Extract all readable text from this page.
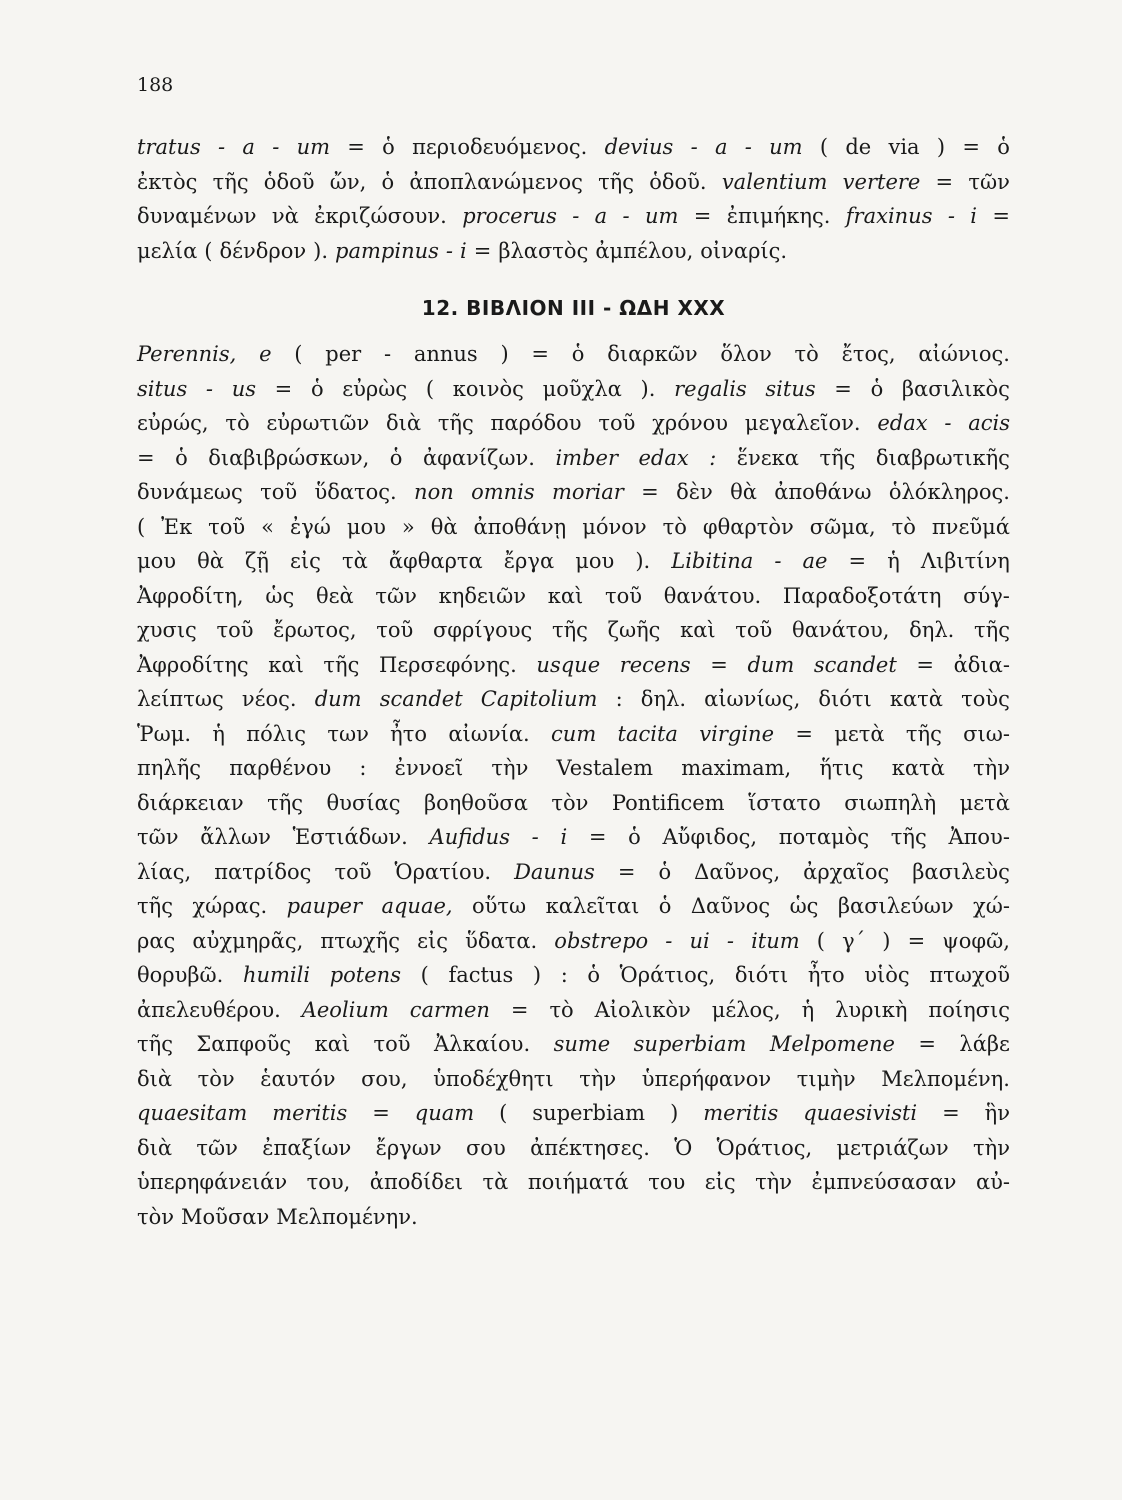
188
tratus - a - um = ὁ περιοδευόμενος. devius - a - um ( de via ) = ὁ
ἐκτὸς τῆς ὁδοῦ ὤν, ὁ ἀποπλανώμενος τῆς ὁδοῦ. valentium vertere = τῶν
δυναμένων νὰ ἐκριζώσουν. procerus - a - um = ἐπιμήκης. fraxinus - i =
μελία ( δένδρον ). pampinus - i = βλαστὸς ἀμπέλου, οἰναρίς.
12. ΒΙΒΛΙΟΝ ΙΙΙ - ΩΔΗ ΧΧΧ
Perennis, e ( per - annus ) = ὁ διαρκῶν ὅλον τὸ ἔτος, αἰώνιος.
situs - us = ὁ εὐρὼς ( κοινὸς μοῦχλα ). regalis situs = ὁ βασιλικὸς
εὐρώς, τὸ εὐρωτιῶν διὰ τῆς παρόδου τοῦ χρόνου μεγαλεῖον. edax - acis
= ὁ διαβιβρώσκων, ὁ ἀφανίζων. imber edax : ἕνεκα τῆς διαβρωτικῆς
δυνάμεως τοῦ ὕδατος. non omnis moriar = δὲν θὰ ἀποθάνω ὁλόκληρος.
( Ἐκ τοῦ « ἐγώ μου » θὰ ἀποθάνῃ μόνον τὸ φθαρτὸν σῶμα, τὸ πνεῦμά
μου θὰ ζῇ εἰς τὰ ἄφθαρτα ἔργα μου ). Libitina - ae = ἡ Λιβιτίνη
Ἀφροδίτη, ὡς θεὰ τῶν κηδειῶν καὶ τοῦ θανάτου. Παραδοξοτάτη σύγ-
χυσις τοῦ ἔρωτος, τοῦ σφρίγους τῆς ζωῆς καὶ τοῦ θανάτου, δηλ. τῆς
Ἀφροδίτης καὶ τῆς Περσεφόνης. usque recens = dum scandet = ἀδια-
λείπτως νέος. dum scandet Capitolium : δηλ. αἰωνίως, διότι κατὰ τοὺς
Ῥωμ. ἡ πόλις των ἦτο αἰωνία. cum tacita virgine = μετὰ τῆς σιω-
πηλῆς παρθένου : ἐννοεῖ τὴν Vestalem maximam, ἥτις κατὰ τὴν
διάρκειαν τῆς θυσίας βοηθοῦσα τὸν Pontificem ἵστατο σιωπηλὴ μετὰ
τῶν ἄλλων Ἑστιάδων. Aufidus - i = ὁ Αὔφιδος, ποταμὸς τῆς Ἀπου-
λίας, πατρίδος τοῦ Ὁρατίου. Daunus = ὁ Δαῦνος, ἀρχαῖος βασιλεὺς
τῆς χώρας. pauper aquae, οὕτω καλεῖται ὁ Δαῦνος ὡς βασιλεύων χώ-
ρας αὐχμηρᾶς, πτωχῆς εἰς ὕδατα. obstrepo - ui - itum ( γ΄ ) = ψοφῶ,
θορυβῶ. humili potens ( factus ) : ὁ Ὁράτιος, διότι ἦτο υἱὸς πτωχοῦ
ἀπελευθέρου. Aeolium carmen = τὸ Αἰολικὸν μέλος, ἡ λυρικὴ ποίησις
τῆς Σαπφοῦς καὶ τοῦ Ἀλκαίου. sume superbiam Melpomene = λάβε
διὰ τὸν ἑαυτόν σου, ὑποδέχθητι τὴν ὑπερήφανον τιμὴν Μελπομένη.
quaesitam meritis = quam ( superbiam ) meritis quaesivisti = ἣν
διὰ τῶν ἐπαξίων ἔργων σου ἀπέκτησες. Ὁ Ὁράτιος, μετριάζων τὴν
ὑπερηφάνειάν του, ἀποδίδει τὰ ποιήματά του εἰς τὴν ἐμπνεύσασαν αὐ-
τὸν Μοῦσαν Μελπομένην.
